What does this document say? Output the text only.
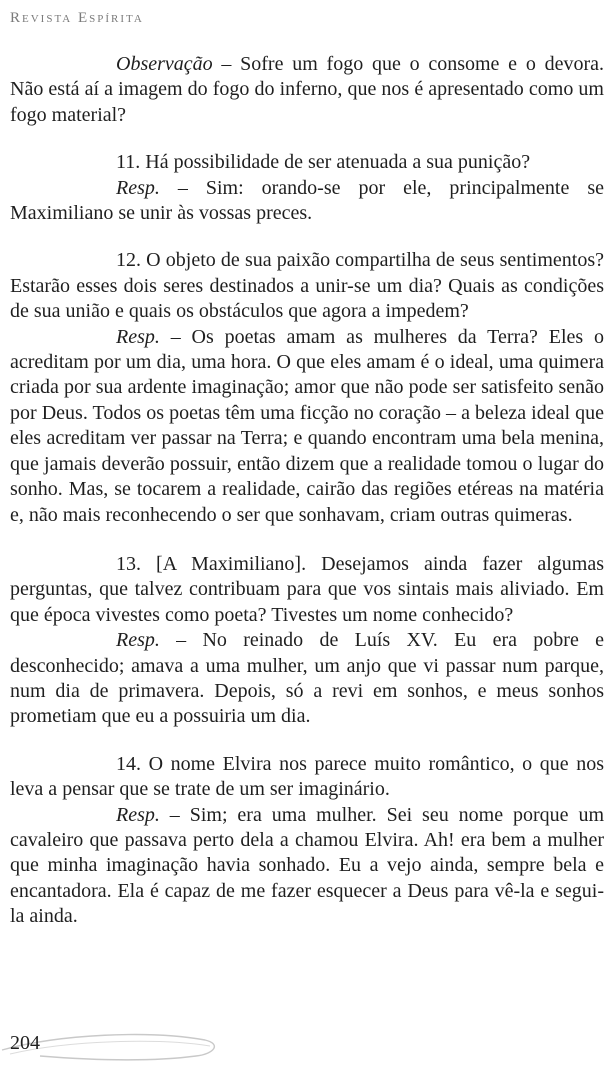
Revista Espírita

Observação – Sofre um fogo que o consome e o devora. Não está aí a imagem do fogo do inferno, que nos é apresentado como um fogo material?

11. Há possibilidade de ser atenuada a sua punição?

Resp. – Sim: orando-se por ele, principalmente se Maximiliano se unir às vossas preces.

12. O objeto de sua paixão compartilha de seus sentimentos? Estarão esses dois seres destinados a unir-se um dia? Quais as condições de sua união e quais os obstáculos que agora a impedem?

Resp. – Os poetas amam as mulheres da Terra? Eles o acreditam por um dia, uma hora. O que eles amam é o ideal, uma quimera criada por sua ardente imaginação; amor que não pode ser satisfeito senão por Deus. Todos os poetas têm uma ficção no coração – a beleza ideal que eles acreditam ver passar na Terra; e quando encontram uma bela menina, que jamais deverão possuir, então dizem que a realidade tomou o lugar do sonho. Mas, se tocarem a realidade, cairão das regiões etéreas na matéria e, não mais reconhecendo o ser que sonhavam, criam outras quimeras.

13. [A Maximiliano]. Desejamos ainda fazer algumas perguntas, que talvez contribuam para que vos sintais mais aliviado. Em que época vivestes como poeta? Tivestes um nome conhecido?

Resp. – No reinado de Luís XV. Eu era pobre e desconhecido; amava a uma mulher, um anjo que vi passar num parque, num dia de primavera. Depois, só a revi em sonhos, e meus sonhos prometiam que eu a possuiria um dia.

14. O nome Elvira nos parece muito romântico, o que nos leva a pensar que se trate de um ser imaginário.

Resp. – Sim; era uma mulher. Sei seu nome porque um cavaleiro que passava perto dela a chamou Elvira. Ah! era bem a mulher que minha imaginação havia sonhado. Eu a vejo ainda, sempre bela e encantadora. Ela é capaz de me fazer esquecer a Deus para vê-la e segui-la ainda.

204
